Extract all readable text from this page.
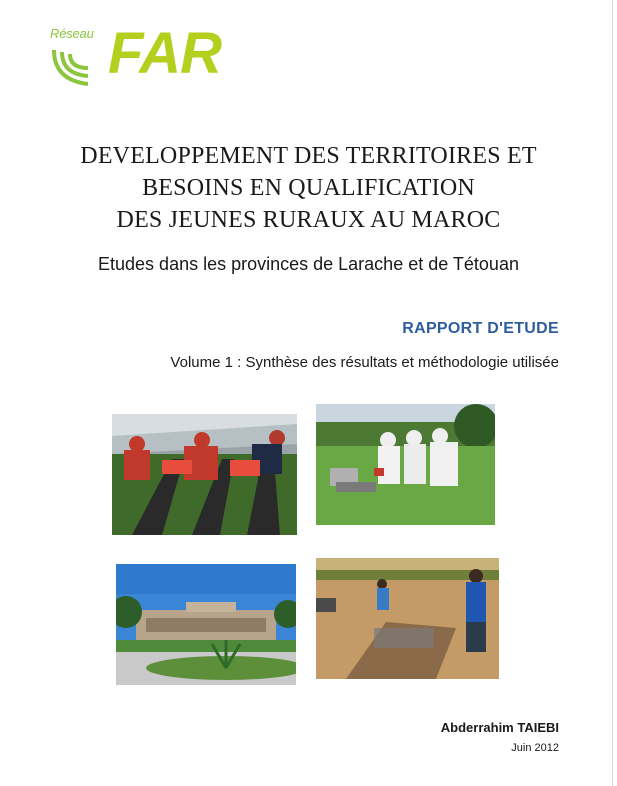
Réseau FAR
DEVELOPPEMENT DES TERRITOIRES ET
BESOINS EN QUALIFICATION
DES JEUNES RURAUX AU MAROC
Etudes dans les provinces de Larache et de Tétouan
RAPPORT D'ETUDE
Volume 1 : Synthèse des résultats et méthodologie utilisée
Abderrahim TAIEBI
Juin 2012
